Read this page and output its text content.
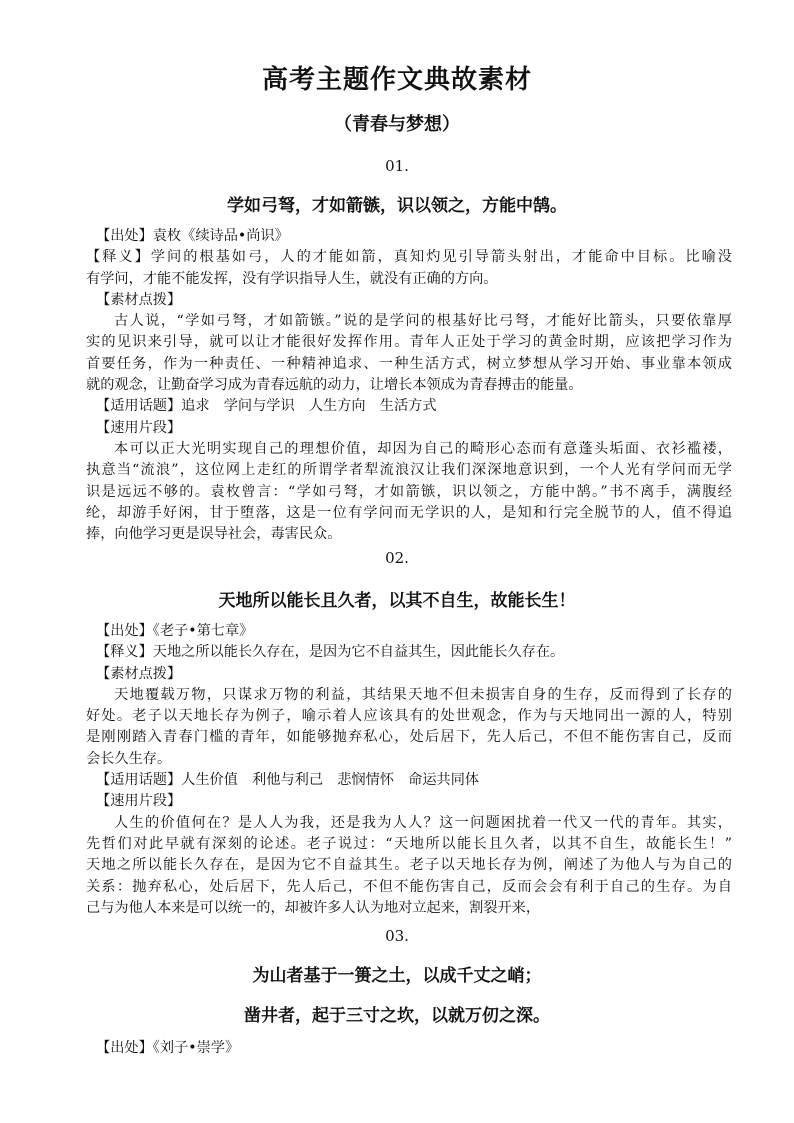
高考主题作文典故素材
（青春与梦想）
01.
学如弓弩，才如箭镞，识以领之，方能中鹄。
【出处】袁枚《续诗品•尚识》
【释义】学问的根基如弓，人的才能如箭，真知灼见引导箭头射出，才能命中目标。比喻没
有学问，才能不能发挥，没有学识指导人生，就没有正确的方向。
【素材点拨】
古人说，“学如弓弩，才如箭镞。”说的是学问的根基好比弓弩，才能好比箭头，只要依靠厚
实的见识来引导，就可以让才能很好发挥作用。青年人正处于学习的黄金时期，应该把学习作为
首要任务，作为一种责任、一种精神追求、一种生活方式，树立梦想从学习开始、事业靠本领成
就的观念，让勤奋学习成为青春远航的动力，让增长本领成为青春搏击的能量。
【适用话题】追求　学问与学识　人生方向　生活方式
【速用片段】
本可以正大光明实现自己的理想价值，却因为自己的畸形心态而有意蓬头垢面、衣衫褴褛，
执意当“流浪”，这位网上走红的所谓学者犁流浪汉让我们深深地意识到，一个人光有学问而无学
识是远远不够的。袁枚曾言：“学如弓弩，才如箭镞，识以领之，方能中鹄。”书不离手，满腹经
纶，却游手好闲，甘于堕落，这是一位有学问而无学识的人，是知和行完全脱节的人，值不得追
捧，向他学习更是误导社会，毒害民众。
02.
天地所以能长且久者，以其不自生，故能长生！
【出处】《老子•第七章》
【释义】天地之所以能长久存在，是因为它不自益其生，因此能长久存在。
【素材点拨】
天地覆载万物，只谋求万物的利益，其结果天地不但未损害自身的生存，反而得到了长存的
好处。老子以天地长存为例子，喻示着人应该具有的处世观念，作为与天地同出一源的人，特别
是刚刚踏入青春门槛的青年，如能够抛弃私心，处后居下，先人后己，不但不能伤害自己，反而
会长久生存。
【适用话题】人生价值　利他与利己　悲悯情怀　命运共同体
【速用片段】
人生的价值何在？是人人为我，还是我为人人？这一问题困扰着一代又一代的青年。其实，
先哲们对此早就有深刻的论述。老子说过：“天地所以能长且久者，以其不自生，故能长生！”
天地之所以能长久存在，是因为它不自益其生。老子以天地长存为例，阐述了为他人与为自己的
关系：抛弃私心，处后居下，先人后己，不但不能伤害自己，反而会会有利于自己的生存。为自
己与为他人本来是可以统一的，却被许多人认为地对立起来，割裂开来，
03.
为山者基于一篑之土，以成千丈之峭；
凿井者，起于三寸之坎，以就万仞之深。
【出处】《刘子•崇学》
